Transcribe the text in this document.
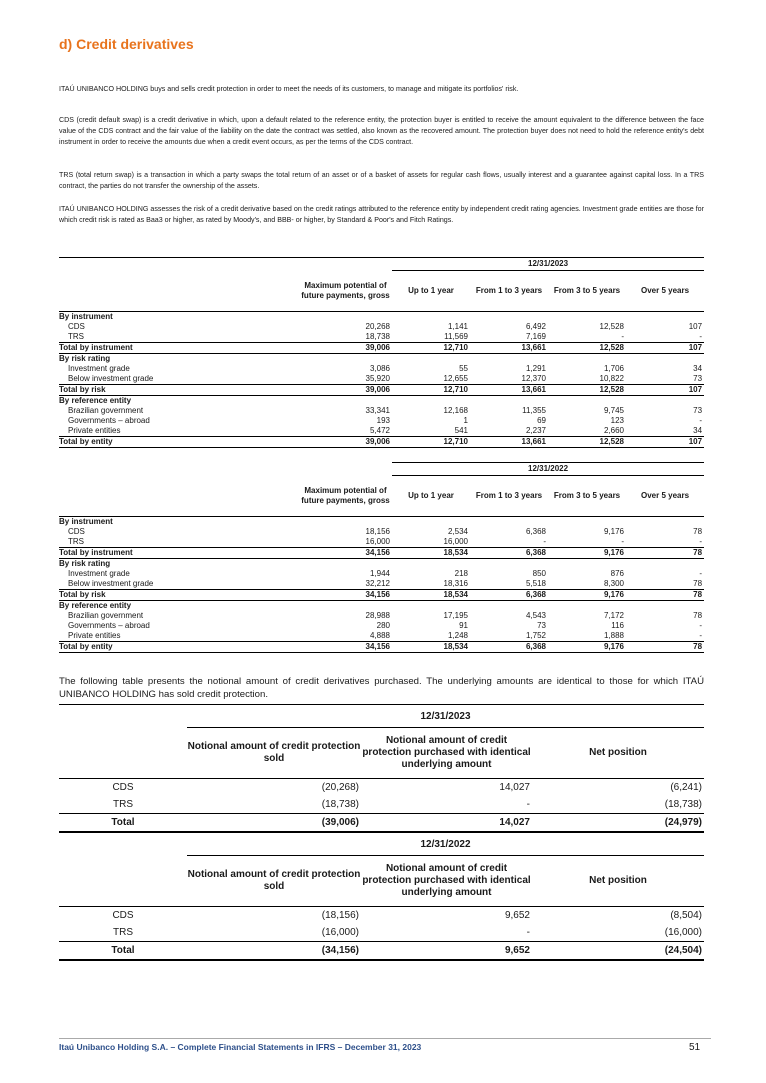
d) Credit derivatives

ITAÚ UNIBANCO HOLDING buys and sells credit protection in order to meet the needs of its customers, to manage and mitigate its portfolios' risk.

CDS (credit default swap) is a credit derivative in which, upon a default related to the reference entity, the protection buyer is entitled to receive the amount equivalent to the difference between the face value of the CDS contract and the fair value of the liability on the date the contract was settled, also known as the recovered amount. The protection buyer does not need to hold the reference entity's debt instrument in order to receive the amounts due when a credit event occurs, as per the terms of the CDS contract.

TRS (total return swap) is a transaction in which a party swaps the total return of an asset or of a basket of assets for regular cash flows, usually interest and a guarantee against capital loss. In a TRS contract, the parties do not transfer the ownership of the assets.

ITAÚ UNIBANCO HOLDING assesses the risk of a credit derivative based on the credit ratings attributed to the reference entity by independent credit rating agencies. Investment grade entities are those for which credit risk is rated as Baa3 or higher, as rated by Moody's, and BBB- or higher, by Standard & Poor's and Fitch Ratings.

		12/31/2023			
	Maximum potential of future payments, gross	Up to 1 year	From 1 to 3 years	From 3 to 5 years	Over 5 years

By instrument					
CDS	20,268	1,141	6,492	12,528	107
TRS	18,738	11,569	7,169	-	-
Total by instrument	39,006	12,710	13,661	12,528	107
By risk rating					
Investment grade	3,086	55	1,291	1,706	34
Below investment grade	35,920	12,655	12,370	10,822	73
Total by risk	39,006	12,710	13,661	12,528	107
By reference entity					
Brazilian government	33,341	12,168	11,355	9,745	73
Governments – abroad	193	1	69	123	-
Private entities	5,472	541	2,237	2,660	34
Total by entity	39,006	12,710	13,661	12,528	107
		12/31/2022			
	Maximum potential of future payments, gross	Up to 1 year	From 1 to 3 years	From 3 to 5 years	Over 5 years

By instrument					
CDS	18,156	2,534	6,368	9,176	78
TRS	16,000	16,000	-	-	-
Total by instrument	34,156	18,534	6,368	9,176	78
By risk rating					
Investment grade	1,944	218	850	876	-
Below investment grade	32,212	18,316	5,518	8,300	78
Total by risk	34,156	18,534	6,368	9,176	78
By reference entity					
Brazilian government	28,988	17,195	4,543	7,172	78
Governments – abroad	280	91	73	116	-
Private entities	4,888	1,248	1,752	1,888	-
Total by entity	34,156	18,534	6,368	9,176	78

The following table presents the notional amount of credit derivatives purchased. The underlying amounts are identical to those for which ITAÚ UNIBANCO HOLDING has sold credit protection.

	12/31/2023		
	Notional amount of credit protection sold	Notional amount of credit protection purchased with identical underlying amount	Net position

CDS	(20,268)	14,027	(6,241)
TRS	(18,738)	-	(18,738)
Total	(39,006)	14,027	(24,979)
	12/31/2022		
	Notional amount of credit protection sold	Notional amount of credit protection purchased with identical underlying amount	Net position

CDS	(18,156)	9,652	(8,504)
TRS	(16,000)	-	(16,000)
Total	(34,156)	9,652	(24,504)
Itaú Unibanco Holding S.A. – Complete Financial Statements in IFRS – December 31, 2023	51
